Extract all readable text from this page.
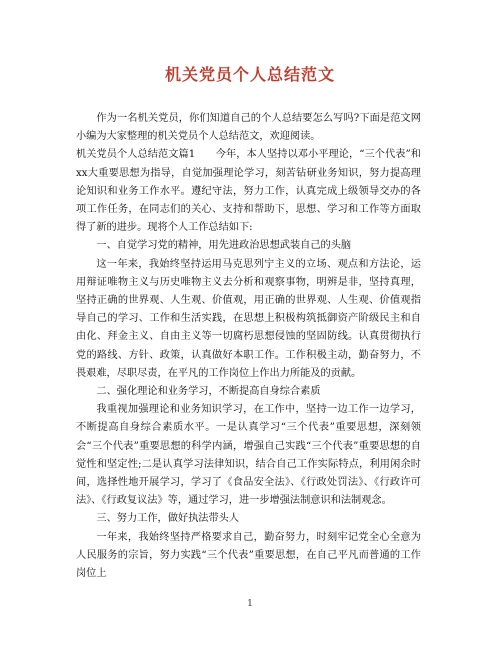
机关党员个人总结范文

作为一名机关党员，你们知道自己的个人总结要怎么写吗?下面是范文网小编为大家整理的机关党员个人总结范文，欢迎阅读。

机关党员个人总结范文篇1　　今年，本人坚持以邓小平理论，“三个代表”和xx大重要思想为指导，自觉加强理论学习，刻苦钻研业务知识，努力提高理论知识和业务工作水平。遵纪守法，努力工作，认真完成上级领导交办的各项工作任务，在同志们的关心、支持和帮助下，思想、学习和工作等方面取得了新的进步。现将个人工作总结如下:

一、自觉学习党的精神，用先进政治思想武装自己的头脑

这一年来，我始终坚持运用马克思列宁主义的立场、观点和方法论，运用辩证唯物主义与历史唯物主义去分析和观察事物，明辨是非，坚持真理，坚持正确的世界观、人生观、价值观，用正确的世界观、人生观、价值观指导自己的学习、工作和生活实践，在思想上积极构筑抵御资产阶级民主和自由化、拜金主义、自由主义等一切腐朽思想侵蚀的坚固防线。认真贯彻执行党的路线、方针、政策，认真做好本职工作。工作积极主动，勤奋努力，不畏艰难，尽职尽责，在平凡的工作岗位上作出力所能及的贡献。

二、强化理论和业务学习，不断提高自身综合素质

我重视加强理论和业务知识学习，在工作中，坚持一边工作一边学习，不断提高自身综合素质水平。一是认真学习“三个代表”重要思想，深刻领会“三个代表”重要思想的科学内涵，增强自己实践“三个代表”重要思想的自觉性和坚定性;二是认真学习法律知识，结合自己工作实际特点，利用闲余时间，选择性地开展学习，学习了《食品安全法》、《行政处罚法》、《行政许可法》、《行政复议法》等，通过学习，进一步增强法制意识和法制观念。

三、努力工作，做好执法带头人

一年来，我始终坚持严格要求自己，勤奋努力，时刻牢记党全心全意为人民服务的宗旨，努力实践“三个代表”重要思想，在自己平凡而普通的工作岗位上

1
